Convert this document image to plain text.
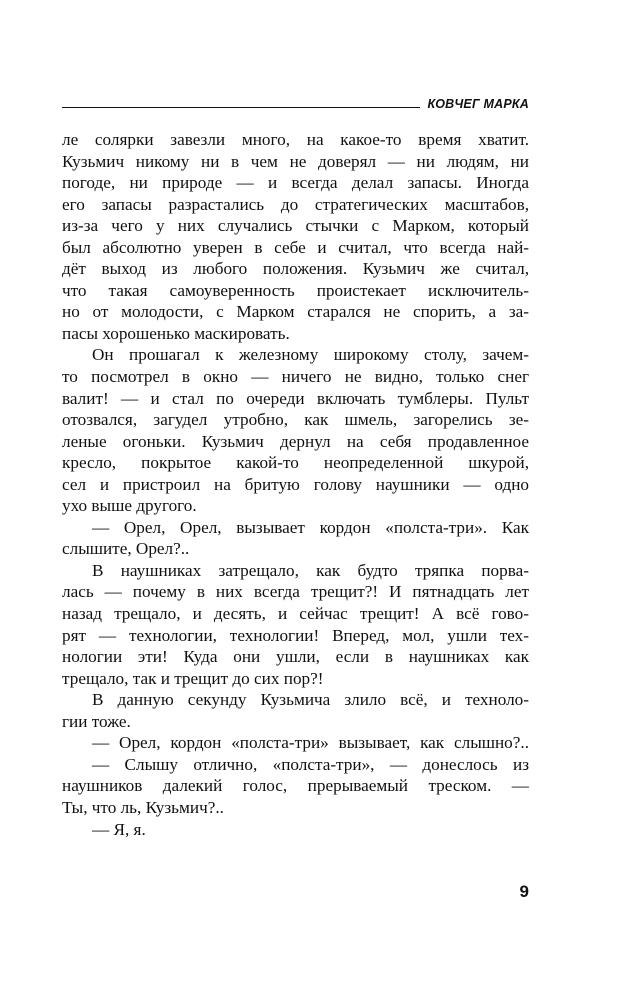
КОВЧЕГ МАРКА
ле солярки завезли много, на какое-то время хватит.
Кузьмич никому ни в чем не доверял — ни людям, ни
погоде, ни природе — и всегда делал запасы. Иногда
его запасы разрастались до стратегических масштабов,
из-за чего у них случались стычки с Марком, который
был абсолютно уверен в себе и считал, что всегда най-
дёт выход из любого положения. Кузьмич же считал,
что такая самоуверенность проистекает исключитель-
но от молодости, с Марком старался не спорить, а за-
пасы хорошенько маскировать.
Он прошагал к железному широкому столу, зачем-
то посмотрел в окно — ничего не видно, только снег
валит! — и стал по очереди включать тумблеры. Пульт
отозвался, загудел утробно, как шмель, загорелись зе-
леные огоньки. Кузьмич дернул на себя продавленное
кресло, покрытое какой-то неопределенной шкурой,
сел и пристроил на бритую голову наушники — одно
ухо выше другого.
— Орел, Орел, вызывает кордон «полста-три». Как
слышите, Орел?..
В наушниках затрещало, как будто тряпка порва-
лась — почему в них всегда трещит?! И пятнадцать лет
назад трещало, и десять, и сейчас трещит! А всё гово-
рят — технологии, технологии! Вперед, мол, ушли тех-
нологии эти! Куда они ушли, если в наушниках как
трещало, так и трещит до сих пор?!
В данную секунду Кузьмича злило всё, и техноло-
гии тоже.
— Орел, кордон «полста-три» вызывает, как слышно?..
— Слышу отлично, «полста-три», — донеслось из
наушников далекий голос, прерываемый треском. —
Ты, что ль, Кузьмич?..
— Я, я.
9
